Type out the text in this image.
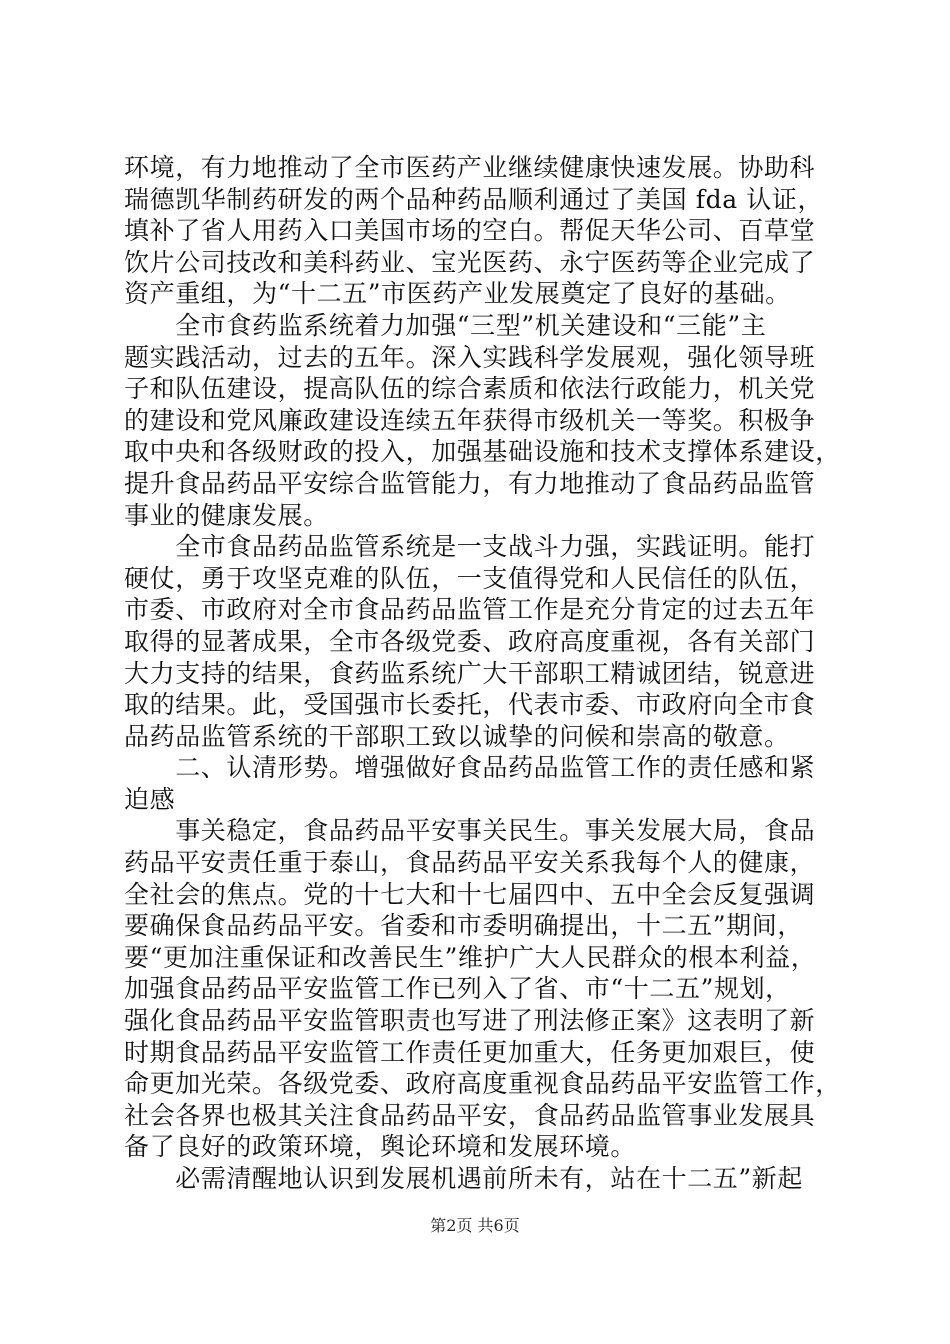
环境，有力地推动了全市医药产业继续健康快速发展。协助科
瑞德凯华制药研发的两个品种药品顺利通过了美国 fda 认证，
填补了省人用药入口美国市场的空白。帮促天华公司、百草堂
饮片公司技改和美科药业、宝光医药、永宁医药等企业完成了
资产重组，为“十二五”市医药产业发展奠定了良好的基础。
　　全市食药监系统着力加强“三型”机关建设和“三能”主
题实践活动，过去的五年。深入实践科学发展观，强化领导班
子和队伍建设，提高队伍的综合素质和依法行政能力，机关党
的建设和党风廉政建设连续五年获得市级机关一等奖。积极争
取中央和各级财政的投入，加强基础设施和技术支撑体系建设，
提升食品药品平安综合监管能力，有力地推动了食品药品监管
事业的健康发展。
　　全市食品药品监管系统是一支战斗力强，实践证明。能打
硬仗，勇于攻坚克难的队伍，一支值得党和人民信任的队伍，
市委、市政府对全市食品药品监管工作是充分肯定的过去五年
取得的显著成果，全市各级党委、政府高度重视，各有关部门
大力支持的结果，食药监系统广大干部职工精诚团结，锐意进
取的结果。此，受国强市长委托，代表市委、市政府向全市食
品药品监管系统的干部职工致以诚挚的问候和崇高的敬意。
　　二、认清形势。增强做好食品药品监管工作的责任感和紧
迫感
　　事关稳定，食品药品平安事关民生。事关发展大局，食品
药品平安责任重于泰山，食品药品平安关系我每个人的健康，
全社会的焦点。党的十七大和十七届四中、五中全会反复强调
要确保食品药品平安。省委和市委明确提出，十二五”期间，
要“更加注重保证和改善民生”维护广大人民群众的根本利益，
加强食品药品平安监管工作已列入了省、市“十二五”规划，
强化食品药品平安监管职责也写进了刑法修正案》这表明了新
时期食品药品平安监管工作责任更加重大，任务更加艰巨，使
命更加光荣。各级党委、政府高度重视食品药品平安监管工作，
社会各界也极其关注食品药品平安，食品药品监管事业发展具
备了良好的政策环境，舆论环境和发展环境。
　　必需清醒地认识到发展机遇前所未有，站在十二五”新起
第2页 共6页
